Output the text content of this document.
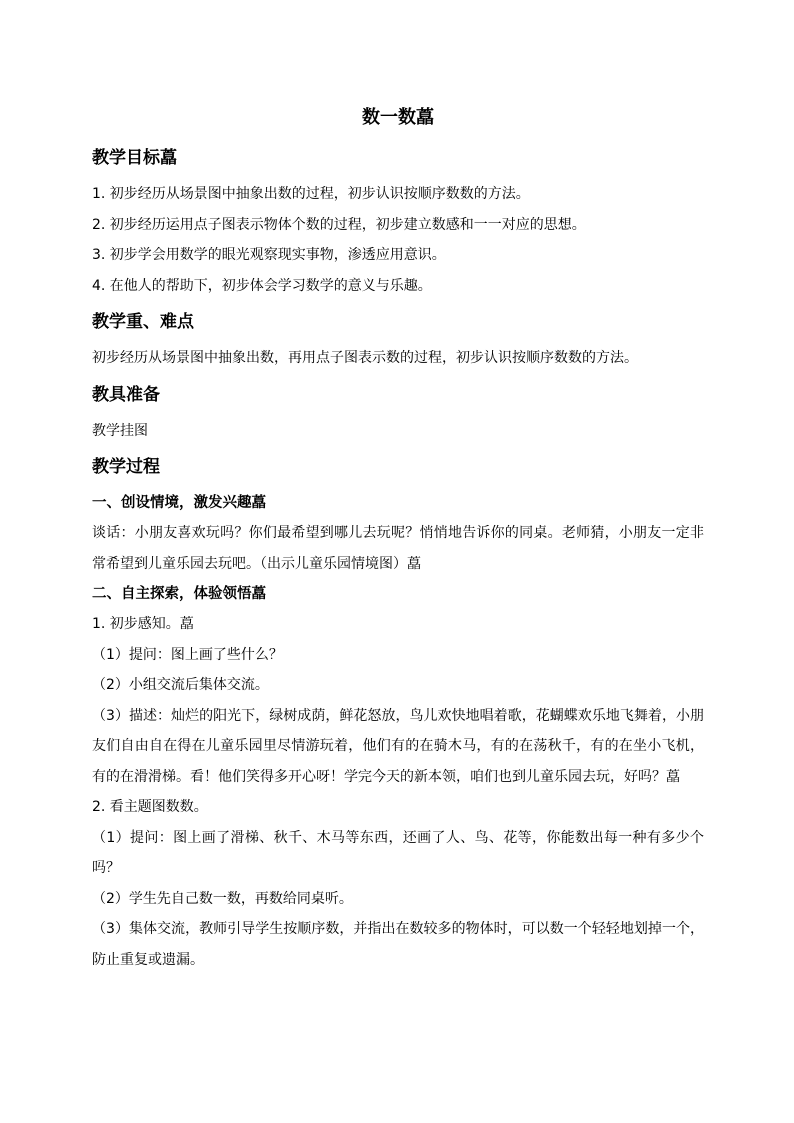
数一数‌藠
教学目标藠
1. 初步经历从场景图中抽象出数的过程，初步认识按顺序数数的方法。
2. 初步经历运用点子图表示物体个数的过程，初步建立数感和一一对应的思想。
3. 初步学会用数学的眼光观察现实事物，渗透应用意识。
4. 在他人的帮助下，初步体会学习数学的意义与乐趣。
教学重、难点
初步经历从场景图中抽象出数，再用点子图表示数的过程，初步认识按顺序数数的方法。
教具准备
教学挂图
教学过程
一、创设情境，激发兴趣藠
谈话：小朋友喜欢玩吗？你们最希望到哪儿去玩呢？悄悄地告诉你的同桌。老师猜，小朋友一定非常希望到儿童乐园去玩吧。（出示儿童乐园情境图）藠
二、自主探索，体验领悟藠
1. 初步感知。藠
（1）提问：图上画了些什么？
（2）小组交流后集体交流。
（3）描述：灿烂的阳光下，绿树成荫，鲜花怒放，鸟儿欢快地唱着歌，花蝴蝶欢乐地飞舞着，小朋友们自由自在得在儿童乐园里尽情游玩着，他们有的在骑木马，有的在荡秋千，有的在坐小飞机，有的在滑滑梯。看！他们笑得多开心呀！学完今天的新本领，咱们也到儿童乐园去玩，好吗？藠
2. 看主题图数数。
（1）提问：图上画了滑梯、秋千、木马等东西，还画了人、鸟、花等，你能数出每一种有多少个吗？
（2）学生先自己数一数，再数给同桌听。
（3）集体交流，教师引导学生按顺序数，并指出在数较多的物体时，可以数一个轻轻地划掉一个，防止重复或遗漏。
